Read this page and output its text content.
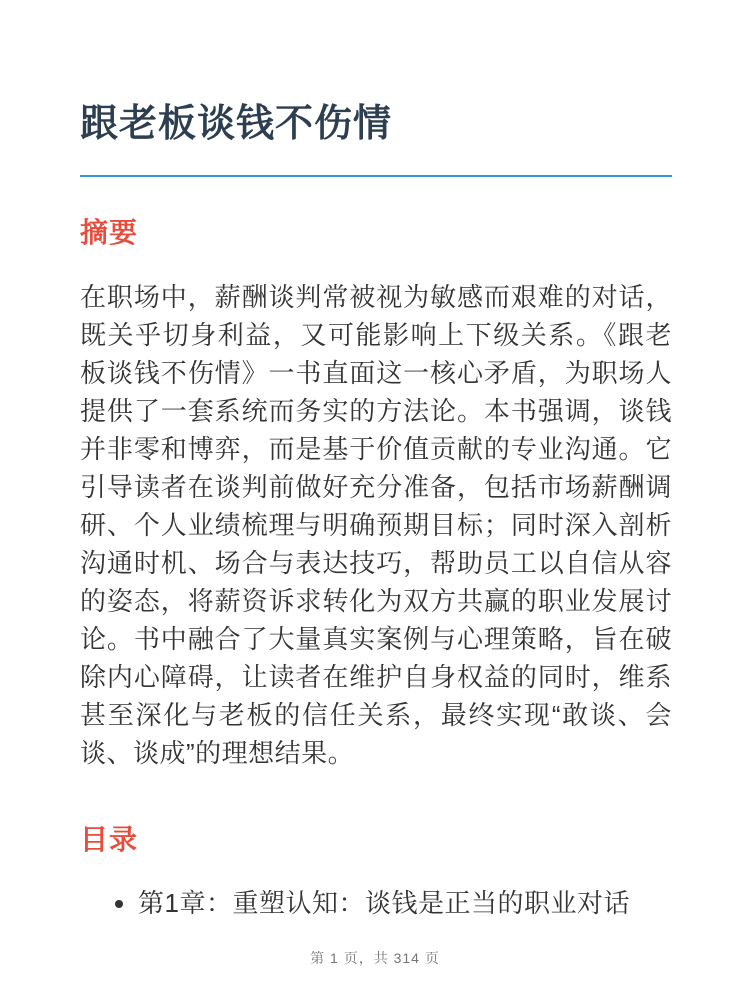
跟老板谈钱不伤情
摘要

在职场中，薪酬谈判常被视为敏感而艰难的对话，既关乎切身利益，又可能影响上下级关系。《跟老板谈钱不伤情》一书直面这一核心矛盾，为职场人提供了一套系统而务实的方法论。本书强调，谈钱并非零和博弈，而是基于价值贡献的专业沟通。它引导读者在谈判前做好充分准备，包括市场薪酬调研、个人业绩梳理与明确预期目标；同时深入剖析沟通时机、场合与表达技巧，帮助员工以自信从容的姿态，将薪资诉求转化为双方共赢的职业发展讨论。书中融合了大量真实案例与心理策略，旨在破除内心障碍，让读者在维护自身权益的同时，维系甚至深化与老板的信任关系，最终实现“敢谈、会谈、谈成”的理想结果。

目录
• 第1章：重塑认知：谈钱是正当的职业对话
第 1 页，共 314 页
